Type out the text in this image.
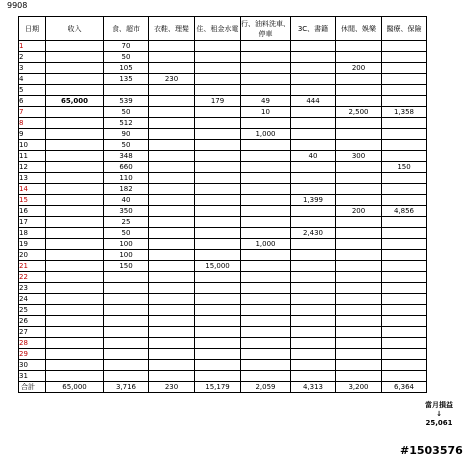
9908
日期	收入	食、超市	衣鞋、理髮	住、租金水電	行、油料洗車、停車	3C、書籍	休閒、娛樂	醫療、保險
1		70						
2		50						
3		105					200	
4		135	230					
5								
6	65,000	539		179	49	444		
7		50			10		2,500	1,358
8		512						
9		90			1,000			
10		50						
11		348				40	300	
12		660						150
13		110						
14		182						
15		40				1,399		
16		350					200	4,856
17		25						
18		50				2,430		
19		100			1,000			
20		100						
21		150		15,000				
22								
23								
24								
25								
26								
27								
28								
29								
30								
31								
合計	65,000	3,716	230	15,179	2,059	4,313	3,200	6,364
當月損益
↓
25,061
#1503576
